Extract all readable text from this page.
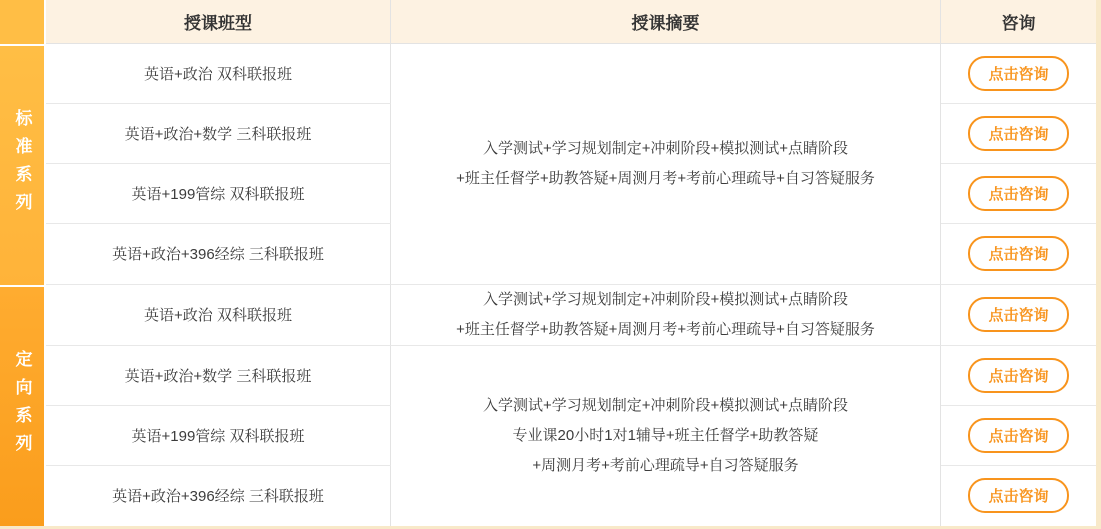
标准系列
定向系列
授课班型	授课摘要	咨询
英语+政治 双科联报班
英语+政治+数学 三科联报班
英语+199管综 双科联报班
英语+政治+396经综 三科联报班
英语+政治 双科联报班
英语+政治+数学 三科联报班
英语+199管综 双科联报班
英语+政治+396经综 三科联报班
入学测试+学习规划制定+冲刺阶段+模拟测试+点睛阶段
+班主任督学+助教答疑+周测月考+考前心理疏导+自习答疑服务
入学测试+学习规划制定+冲刺阶段+模拟测试+点睛阶段
+班主任督学+助教答疑+周测月考+考前心理疏导+自习答疑服务
入学测试+学习规划制定+冲刺阶段+模拟测试+点睛阶段
专业课20小时1对1辅导+班主任督学+助教答疑
+周测月考+考前心理疏导+自习答疑服务
点击咨询
点击咨询
点击咨询
点击咨询
点击咨询
点击咨询
点击咨询
点击咨询
